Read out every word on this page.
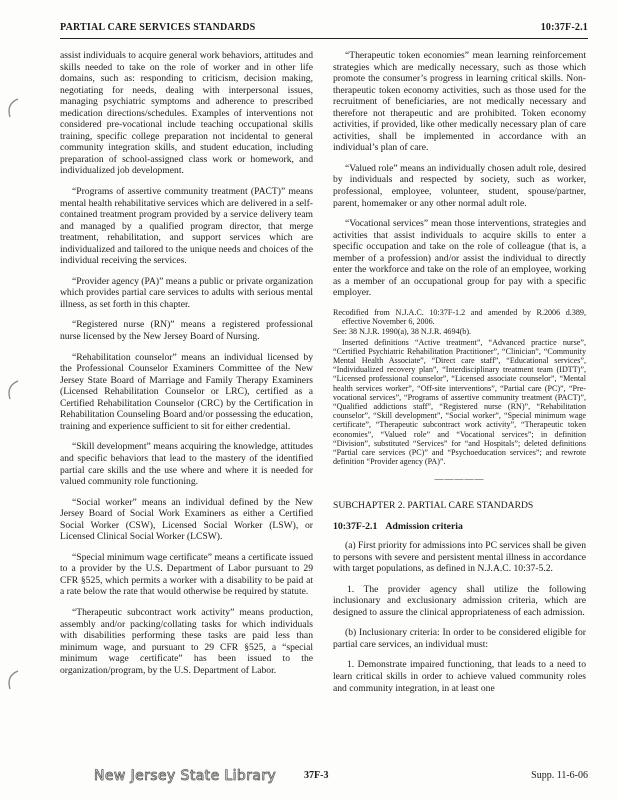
PARTIAL CARE SERVICES STANDARDS	10:37F-2.1

assist individuals to acquire general work behaviors, attitudes and skills needed to take on the role of worker and in other life domains, such as: responding to criticism, decision making, negotiating for needs, dealing with interpersonal issues, managing psychiatric symptoms and adherence to prescribed medication directions/schedules. Examples of interventions not considered pre-vocational include teaching occupational skills training, specific college preparation not incidental to general community integration skills, and student education, including preparation of school-assigned class work or homework, and individualized job development.

“Programs of assertive community treatment (PACT)” means mental health rehabilitative services which are delivered in a self-contained treatment program provided by a service delivery team and managed by a qualified program director, that merge treatment, rehabilitation, and support services which are individualized and tailored to the unique needs and choices of the individual receiving the services.

“Provider agency (PA)” means a public or private organization which provides partial care services to adults with serious mental illness, as set forth in this chapter.

“Registered nurse (RN)” means a registered professional nurse licensed by the New Jersey Board of Nursing.

“Rehabilitation counselor” means an individual licensed by the Professional Counselor Examiners Committee of the New Jersey State Board of Marriage and Family Therapy Examiners (Licensed Rehabilitation Counselor or LRC), certified as a Certified Rehabilitation Counselor (CRC) by the Certification in Rehabilitation Counseling Board and/or possessing the education, training and experience sufficient to sit for either credential.

“Skill development” means acquiring the knowledge, attitudes and specific behaviors that lead to the mastery of the identified partial care skills and the use where and where it is needed for valued community role functioning.

“Social worker” means an individual defined by the New Jersey Board of Social Work Examiners as either a Certified Social Worker (CSW), Licensed Social Worker (LSW), or Licensed Clinical Social Worker (LCSW).

“Special minimum wage certificate” means a certificate issued to a provider by the U.S. Department of Labor pursuant to 29 CFR §525, which permits a worker with a disability to be paid at a rate below the rate that would otherwise be required by statute.

“Therapeutic subcontract work activity” means production, assembly and/or packing/collating tasks for which individuals with disabilities performing these tasks are paid less than minimum wage, and pursuant to 29 CFR §525, a “special minimum wage certificate” has been issued to the organization/program, by the U.S. Department of Labor.

“Therapeutic token economies” mean learning reinforcement strategies which are medically necessary, such as those which promote the consumer’s progress in learning critical skills. Non-therapeutic token economy activities, such as those used for the recruitment of beneficiaries, are not medically necessary and therefore not therapeutic and are prohibited. Token economy activities, if provided, like other medically necessary plan of care activities, shall be implemented in accordance with an individual’s plan of care.

“Valued role” means an individually chosen adult role, desired by individuals and respected by society, such as worker, professional, employee, volunteer, student, spouse/partner, parent, homemaker or any other normal adult role.

“Vocational services” mean those interventions, strategies and activities that assist individuals to acquire skills to enter a specific occupation and take on the role of colleague (that is, a member of a profession) and/or assist the individual to directly enter the workforce and take on the role of an employee, working as a member of an occupational group for pay with a specific employer.

Recodified from N.J.A.C. 10:37F-1.2 and amended by R.2006 d.389, effective November 6, 2006.

See: 38 N.J.R. 1990(a), 38 N.J.R. 4694(b).

Inserted definitions “Active treatment”, “Advanced practice nurse”, “Certified Psychiatric Rehabilitation Practitioner”, “Clinician”, “Community Mental Health Associate”, “Direct care staff”, “Educational services”, “Individualized recovery plan”, “Interdisciplinary treatment team (IDTT)”, “Licensed professional counselor”, “Licensed associate counselor”, “Mental health services worker”, “Off-site interventions”, “Partial care (PC)”, “Pre-vocational services”, “Programs of assertive community treatment (PACT)”, “Qualified addictions staff”, “Registered nurse (RN)”, “Rehabilitation counselor”, “Skill development”, “Social worker”, “Special minimum wage certificate”, “Therapeutic subcontract work activity”, “Therapeutic token economies”, “Valued role” and “Vocational services”; in definition “Division”, substituted “Services” for “and Hospitals”; deleted definitions “Partial care services (PC)” and “Psychoeducation services”; and rewrote definition “Provider agency (PA)”.

—————

SUBCHAPTER 2. PARTIAL CARE STANDARDS

10:37F-2.1 Admission criteria

(a) First priority for admissions into PC services shall be given to persons with severe and persistent mental illness in accordance with target populations, as defined in N.J.A.C. 10:37-5.2.

1. The provider agency shall utilize the following inclusionary and exclusionary admission criteria, which are designed to assure the clinical appropriateness of each admission.

(b) Inclusionary criteria: In order to be considered eligible for partial care services, an individual must:

1. Demonstrate impaired functioning, that leads to a need to learn critical skills in order to achieve valued community roles and community integration, in at least one

New Jersey State Library	37F-3	Supp. 11-6-06
